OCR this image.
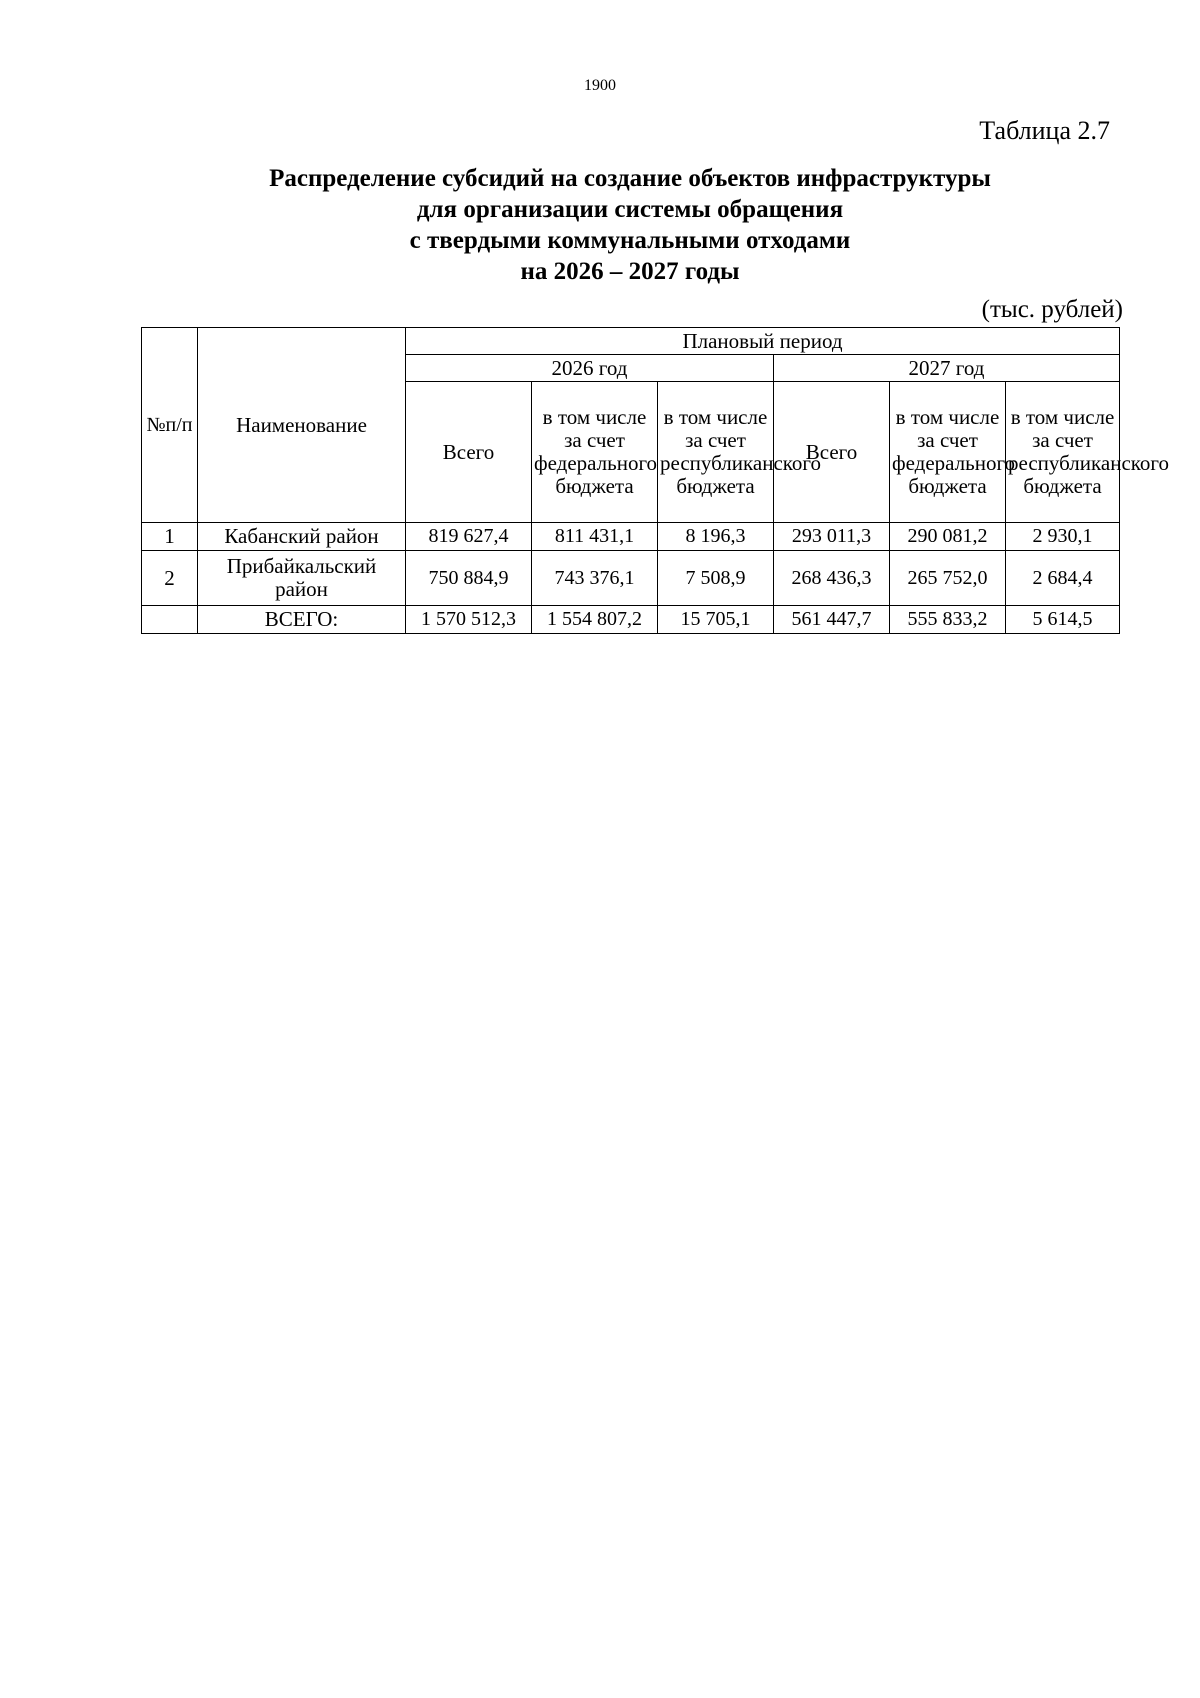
1900
Таблица 2.7
Распределение субсидий на создание объектов инфраструктуры
для организации системы обращения
с твердыми коммунальными отходами
на 2026 – 2027 годы
(тыс. рублей)
№п/п	Наименование	Плановый период					
		2026 год			2027 год		
		Всего	в том числе за счет федерального бюджета	в том числе за счет республиканского бюджета	Всего	в том числе за счет федерального бюджета	в том числе за счет республиканского бюджета
1	Кабанский район	819 627,4	811 431,1	8 196,3	293 011,3	290 081,2	2 930,1
2	Прибайкальский район	750 884,9	743 376,1	7 508,9	268 436,3	265 752,0	2 684,4
	ВСЕГО:	1 570 512,3	1 554 807,2	15 705,1	561 447,7	555 833,2	5 614,5
